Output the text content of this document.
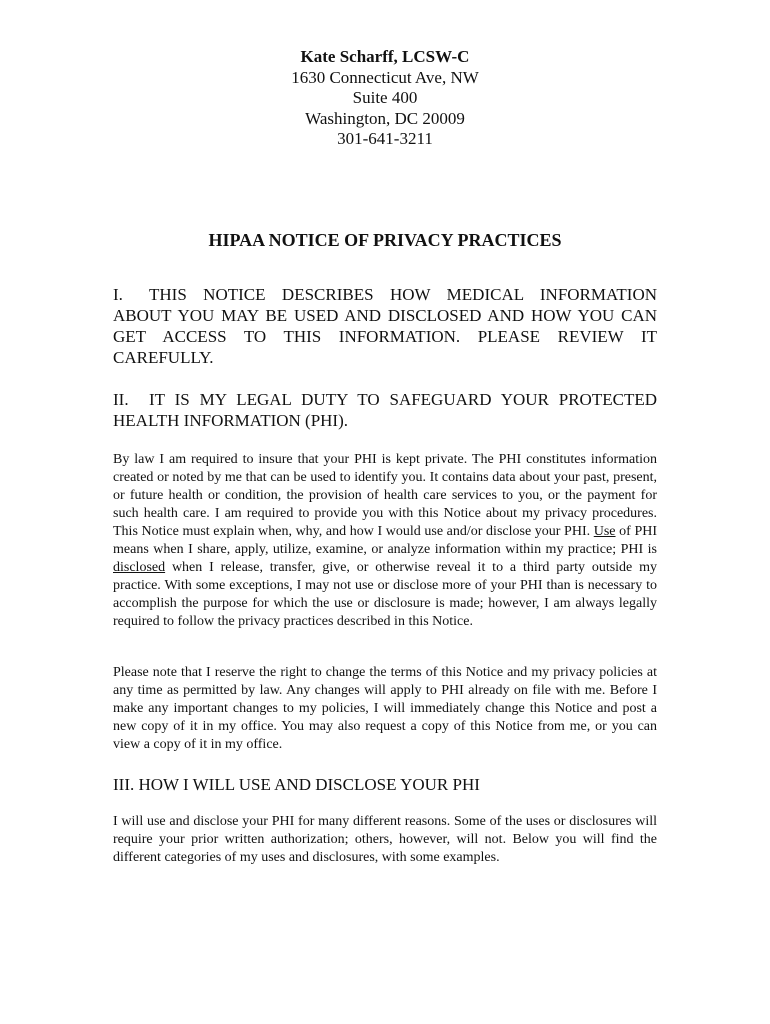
Kate Scharff, LCSW-C
1630 Connecticut Ave, NW
Suite 400
Washington, DC 20009
301-641-3211
HIPAA NOTICE OF PRIVACY PRACTICES
I. THIS NOTICE DESCRIBES HOW MEDICAL INFORMATION ABOUT YOU MAY BE USED AND DISCLOSED AND HOW YOU CAN GET ACCESS TO THIS INFORMATION. PLEASE REVIEW IT CAREFULLY.
II. IT IS MY LEGAL DUTY TO SAFEGUARD YOUR PROTECTED HEALTH INFORMATION (PHI).
By law I am required to insure that your PHI is kept private. The PHI constitutes information created or noted by me that can be used to identify you. It contains data about your past, present, or future health or condition, the provision of health care services to you, or the payment for such health care. I am required to provide you with this Notice about my privacy procedures. This Notice must explain when, why, and how I would use and/or disclose your PHI. Use of PHI means when I share, apply, utilize, examine, or analyze information within my practice; PHI is disclosed when I release, transfer, give, or otherwise reveal it to a third party outside my practice. With some exceptions, I may not use or disclose more of your PHI than is necessary to accomplish the purpose for which the use or disclosure is made; however, I am always legally required to follow the privacy practices described in this Notice.
Please note that I reserve the right to change the terms of this Notice and my privacy policies at any time as permitted by law. Any changes will apply to PHI already on file with me. Before I make any important changes to my policies, I will immediately change this Notice and post a new copy of it in my office. You may also request a copy of this Notice from me, or you can view a copy of it in my office.
III. HOW I WILL USE AND DISCLOSE YOUR PHI
I will use and disclose your PHI for many different reasons. Some of the uses or disclosures will require your prior written authorization; others, however, will not. Below you will find the different categories of my uses and disclosures, with some examples.
